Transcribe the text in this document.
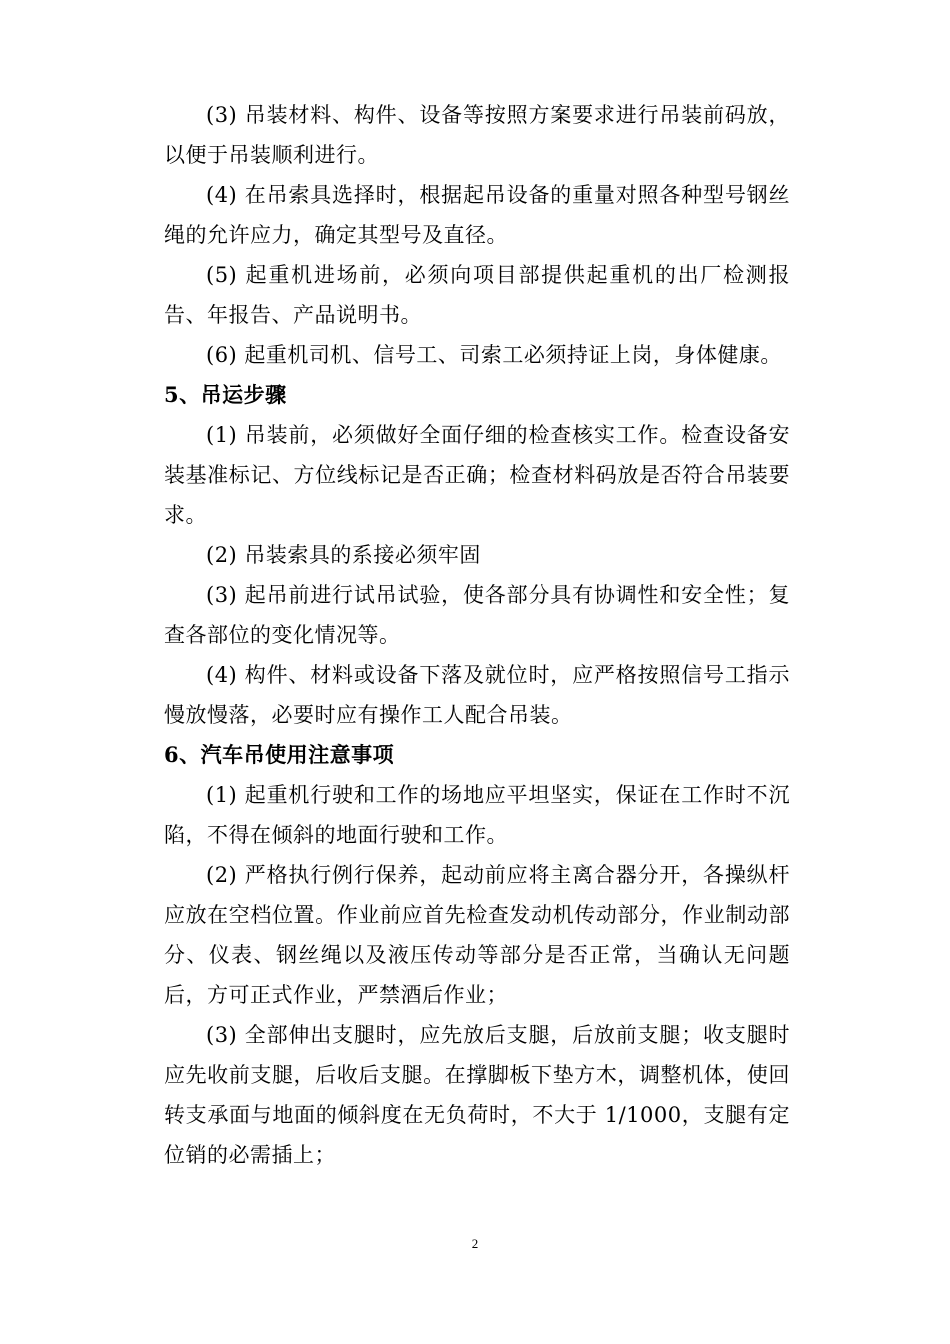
(3) 吊装材料、构件、设备等按照方案要求进行吊装前码放，以便于吊装顺利进行。

(4) 在吊索具选择时，根据起吊设备的重量对照各种型号钢丝绳的允许应力，确定其型号及直径。

(5) 起重机进场前，必须向项目部提供起重机的出厂检测报告、年报告、产品说明书。

(6) 起重机司机、信号工、司索工必须持证上岗，身体健康。

5、吊运步骤

(1) 吊装前，必须做好全面仔细的检查核实工作。检查设备安装基准标记、方位线标记是否正确；检查材料码放是否符合吊装要求。

(2) 吊装索具的系接必须牢固

(3) 起吊前进行试吊试验，使各部分具有协调性和安全性；复查各部位的变化情况等。

(4) 构件、材料或设备下落及就位时，应严格按照信号工指示慢放慢落，必要时应有操作工人配合吊装。

6、汽车吊使用注意事项

(1) 起重机行驶和工作的场地应平坦坚实，保证在工作时不沉陷，不得在倾斜的地面行驶和工作。

(2) 严格执行例行保养，起动前应将主离合器分开，各操纵杆应放在空档位置。作业前应首先检查发动机传动部分，作业制动部分、仪表、钢丝绳以及液压传动等部分是否正常，当确认无问题后，方可正式作业，严禁酒后作业；

(3) 全部伸出支腿时，应先放后支腿，后放前支腿；收支腿时应先收前支腿，后收后支腿。在撑脚板下垫方木，调整机体，使回转支承面与地面的倾斜度在无负荷时，不大于 1/1000，支腿有定位销的必需插上；

2
